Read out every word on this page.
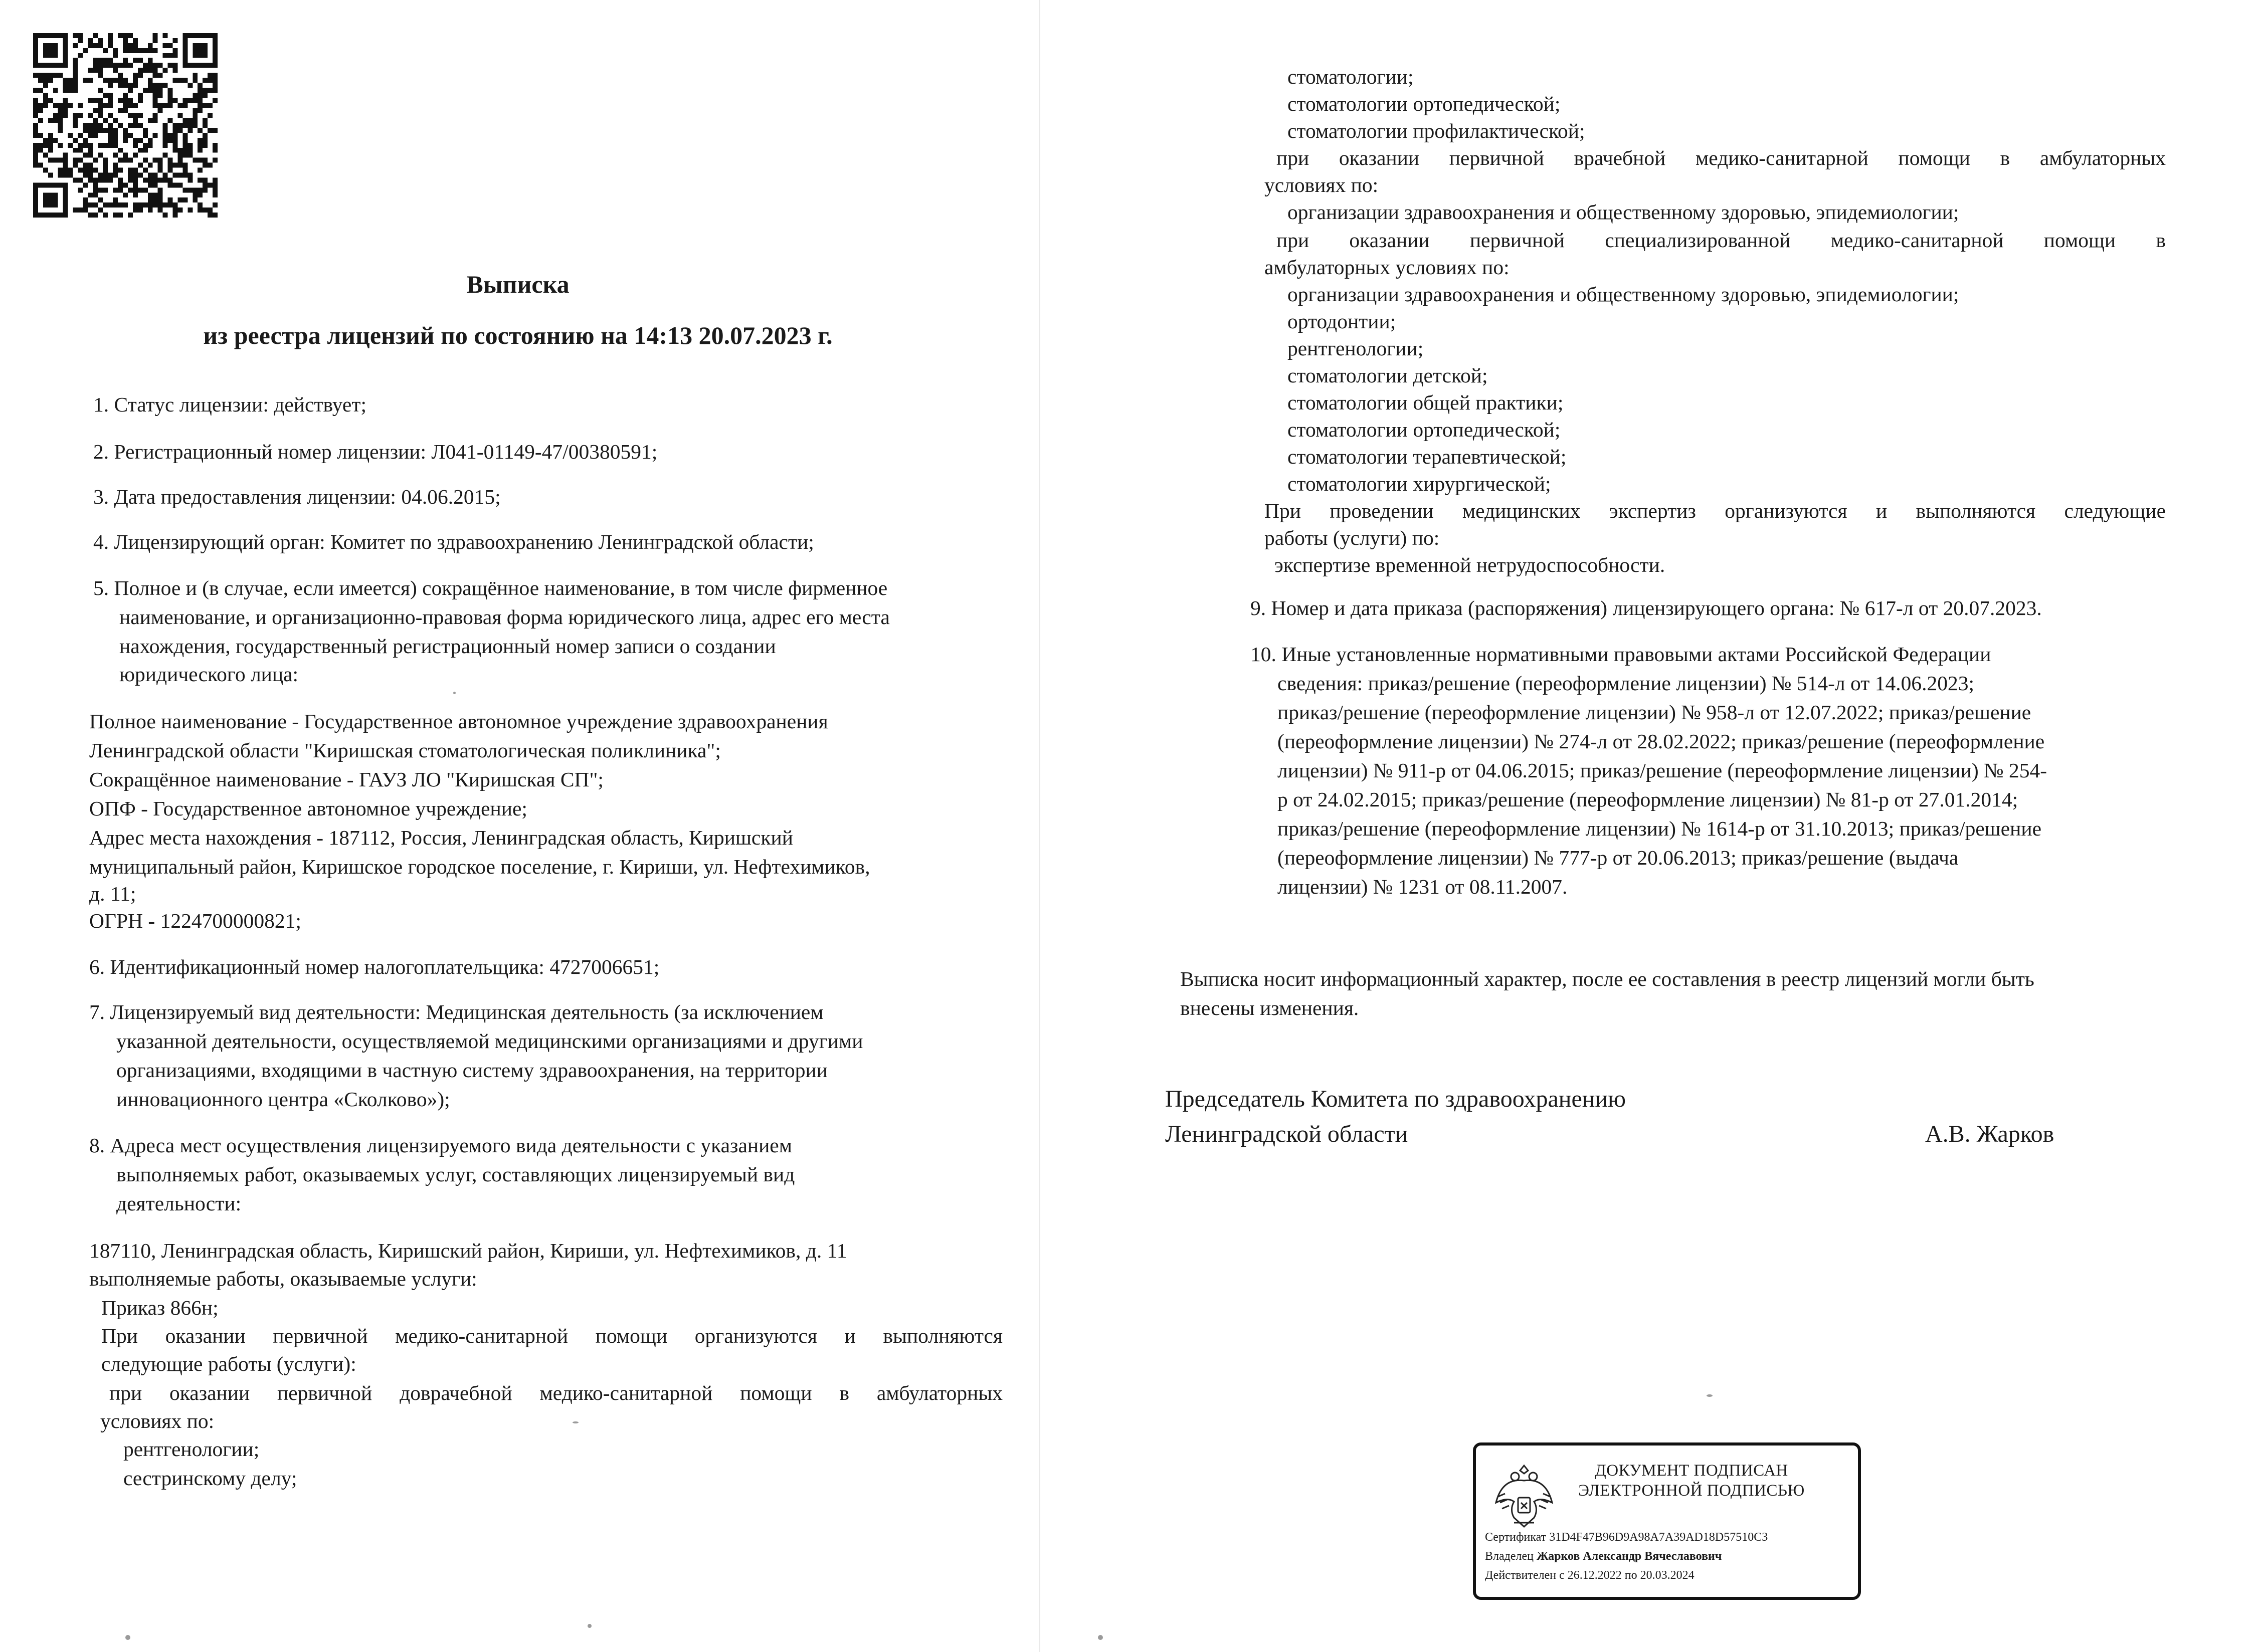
Выписка
из реестра лицензий по состоянию на 14:13 20.07.2023 г.
1. Статус лицензии: действует;
2. Регистрационный номер лицензии: Л041-01149-47/00380591;
3. Дата предоставления лицензии: 04.06.2015;
4. Лицензирующий орган: Комитет по здравоохранению Ленинградской области;
5. Полное и (в случае, если имеется) сокращённое наименование, в том числе фирменное
наименование, и организационно-правовая форма юридического лица, адрес его места
нахождения, государственный регистрационный номер записи о создании
юридического лица:
Полное наименование - Государственное автономное учреждение здравоохранения
Ленинградской области "Киришская стоматологическая поликлиника";
Сокращённое наименование - ГАУЗ ЛО "Киришская СП";
ОПФ - Государственное автономное учреждение;
Адрес места нахождения - 187112, Россия, Ленинградская область, Киришский
муниципальный район, Киришское городское поселение, г. Кириши, ул. Нефтехимиков,
д. 11;
ОГРН - 1224700000821;
6. Идентификационный номер налогоплательщика: 4727006651;
7. Лицензируемый вид деятельности: Медицинская деятельность (за исключением
указанной деятельности, осуществляемой медицинскими организациями и другими
организациями, входящими в частную систему здравоохранения, на территории
инновационного центра «Сколково»);
8. Адреса мест осуществления лицензируемого вида деятельности с указанием
выполняемых работ, оказываемых услуг, составляющих лицензируемый вид
деятельности:
187110, Ленинградская область, Киришский район, Кириши, ул. Нефтехимиков, д. 11
выполняемые работы, оказываемые услуги:
Приказ 866н;
При оказании первичной медико-санитарной помощи организуются и выполняются
следующие работы (услуги):
при оказании первичной доврачебной медико-санитарной помощи в амбулаторных
условиях по:
рентгенологии;
сестринскому делу;
стоматологии;
стоматологии ортопедической;
стоматологии профилактической;
при оказании первичной врачебной медико-санитарной помощи в амбулаторных
условиях по:
организации здравоохранения и общественному здоровью, эпидемиологии;
при оказании первичной специализированной медико-санитарной помощи в
амбулаторных условиях по:
организации здравоохранения и общественному здоровью, эпидемиологии;
ортодонтии;
рентгенологии;
стоматологии детской;
стоматологии общей практики;
стоматологии ортопедической;
стоматологии терапевтической;
стоматологии хирургической;
При проведении медицинских экспертиз организуются и выполняются следующие
работы (услуги) по:
экспертизе временной нетрудоспособности.
9. Номер и дата приказа (распоряжения) лицензирующего органа: № 617-л от 20.07.2023.
10. Иные установленные нормативными правовыми актами Российской Федерации
сведения: приказ/решение (переоформление лицензии) № 514-л от 14.06.2023;
приказ/решение (переоформление лицензии) № 958-л от 12.07.2022; приказ/решение
(переоформление лицензии) № 274-л от 28.02.2022; приказ/решение (переоформление
лицензии) № 911-р от 04.06.2015; приказ/решение (переоформление лицензии) № 254-
р от 24.02.2015; приказ/решение (переоформление лицензии) № 81-р от 27.01.2014;
приказ/решение (переоформление лицензии) № 1614-р от 31.10.2013; приказ/решение
(переоформление лицензии) № 777-р от 20.06.2013; приказ/решение (выдача
лицензии) № 1231 от 08.11.2007.
Выписка носит информационный характер, после ее составления в реестр лицензий могли быть
внесены изменения.
Председатель Комитета по здравоохранению
Ленинградской области	А.В. Жарков
ДОКУМЕНТ ПОДПИСАН
ЭЛЕКТРОННОЙ ПОДПИСЬЮ
Сертификат 31D4F47B96D9A98A7A39AD18D57510C3
Владелец Жарков Александр Вячеславович
Действителен с 26.12.2022 по 20.03.2024
